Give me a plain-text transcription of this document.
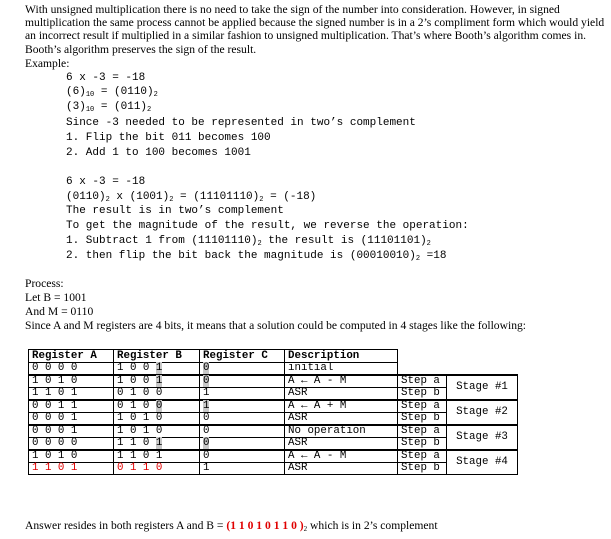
With unsigned multiplication there is no need to take the sign of the number into consideration. However, in signed multiplication the same process cannot be applied because the signed number is in a 2’s compliment form which would yield an incorrect result if multiplied in a similar fashion to unsigned multiplication. That’s where Booth’s algorithm comes in. Booth’s algorithm preserves the sign of the result.
Example:
6 x -3 = -18
$(6)_{10} = (0110)_2$
$(3)_{10} = (011)_2$
Since -3 needed to be represented in two’s complement
1. Flip the bit 011 becomes 100
2. Add 1 to 100 becomes 1001
6 x -3 = -18
$(0110)_2$ x $(1001)_2 = (11101110)_2 = (-18)$
The result is in two’s complement
To get the magnitude of the result, we reverse the operation:
1. Subtract 1 from $(11101110)_2$ the result is $(11101101)_2$
2. then flip the bit back the magnitude is $(00010010)_2 =18$
Process:
Let B = 1001
And M = 0110
Since A and M registers are 4 bits, it means that a solution could be computed in 4 stages like the following:
Register A	Register B	Register C	Description		
0 0 0 0	1 0 0 1	0	initial		
1 0 1 0	1 0 0 1	0	A ← A - M	Step a	Stage #1
1 1 0 1	0 1 0 0	1	ASR	Step b	
0 0 1 1	0 1 0 0	1	A ← A + M	Step a	Stage #2
0 0 0 1	1 0 1 0	0	ASR	Step b	
0 0 0 1	1 0 1 0	0	No operation	Step a	Stage #3
0 0 0 0	1 1 0 1	0	ASR	Step b	
1 0 1 0	1 1 0 1	0	A ← A - M	Step a	Stage #4
1 1 0 1	0 1 1 0	1	ASR	Step b	
Answer resides in both registers A and B = (1 1 0 1 0 1 1 0 )$_2$ which is in 2’s complement
